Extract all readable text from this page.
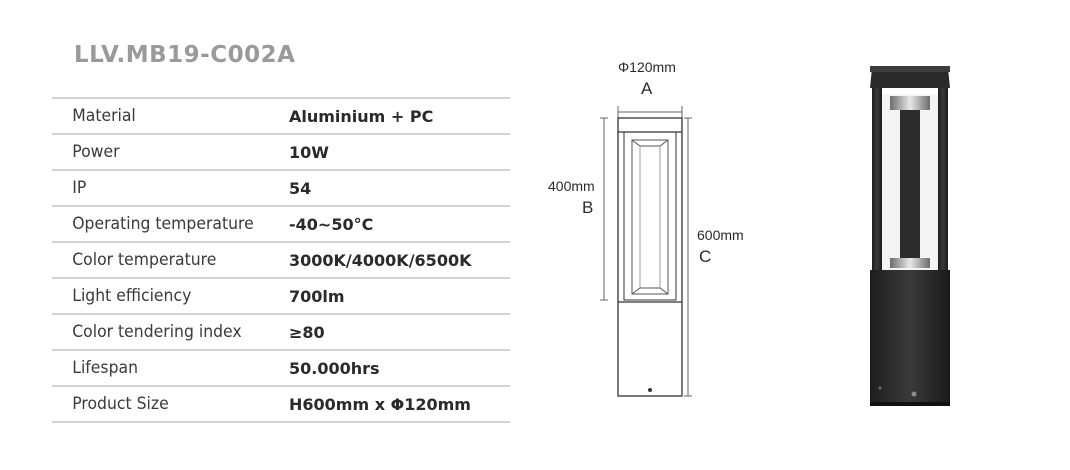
LLV.MB19-C002A
Material	Aluminium + PC
Power	10W
IP	54
Operating temperature	-40~50°C
Color temperature	3000K/4000K/6500K
Light efficiency	700lm
Color tendering index	≥80
Lifespan	50.000hrs
Product Size	H600mm x Φ120mm
Φ120mm
A
400mm
B
600mm
C
